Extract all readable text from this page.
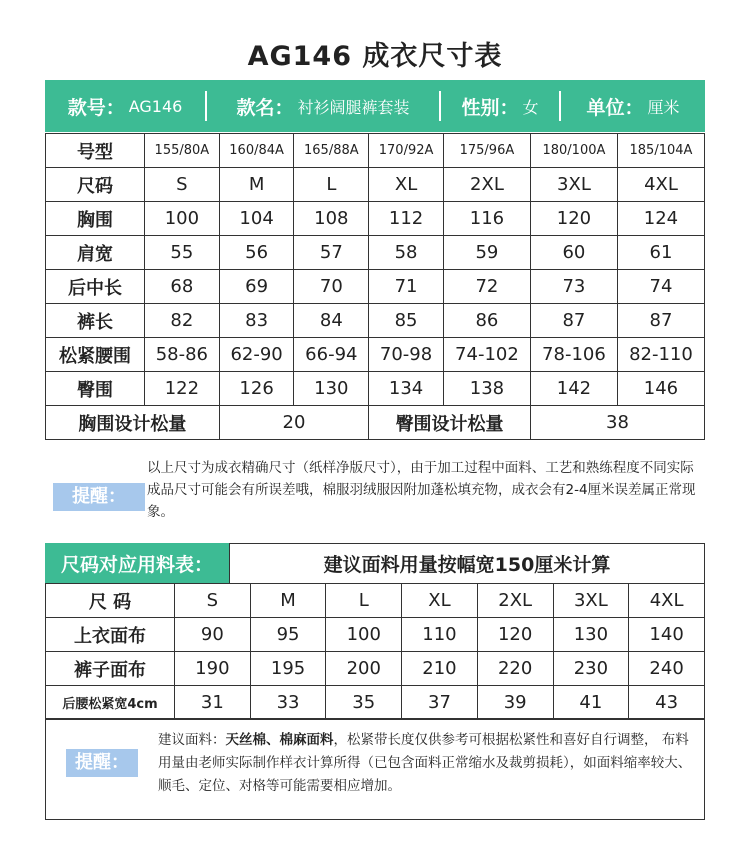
AG146 成衣尺寸表
款号： AG146	款名： 衬衫阔腿裤套装	性别： 女	单位： 厘米
号型	155/80A	160/84A	165/88A	170/92A	175/96A	180/100A	185/104A
尺码	S	M	L	XL	2XL	3XL	4XL
胸围	100	104	108	112	116	120	124
肩宽	55	56	57	58	59	60	61
后中长	68	69	70	71	72	73	74
裤长	82	83	84	85	86	87	87
松紧腰围	58-86	62-90	66-94	70-98	74-102	78-106	82-110
臀围	122	126	130	134	138	142	146
胸围设计松量		20		臀围设计松量		38	
提醒：
以上尺寸为成衣精确尺寸（纸样净版尺寸），由于加工过程中面料、工艺和熟练程度不同实际成品尺寸可能会有所误差哦，棉服羽绒服因附加蓬松填充物，成衣会有2-4厘米误差属正常现象。
尺码对应用料表：	建议面料用量按幅宽150厘米计算
尺 码	S	M	L	XL	2XL	3XL	4XL
上衣面布	90	95	100	110	120	130	140
裤子面布	190	195	200	210	220	230	240
后腰松紧宽4cm	31	33	35	37	39	41	43
提醒：
建议面料：天丝棉、棉麻面料，松紧带长度仅供参考可根据松紧性和喜好自行调整， 布料用量由老师实际制作样衣计算所得（已包含面料正常缩水及裁剪损耗），如面料缩率较大、顺毛、定位、对格等可能需要相应增加。
